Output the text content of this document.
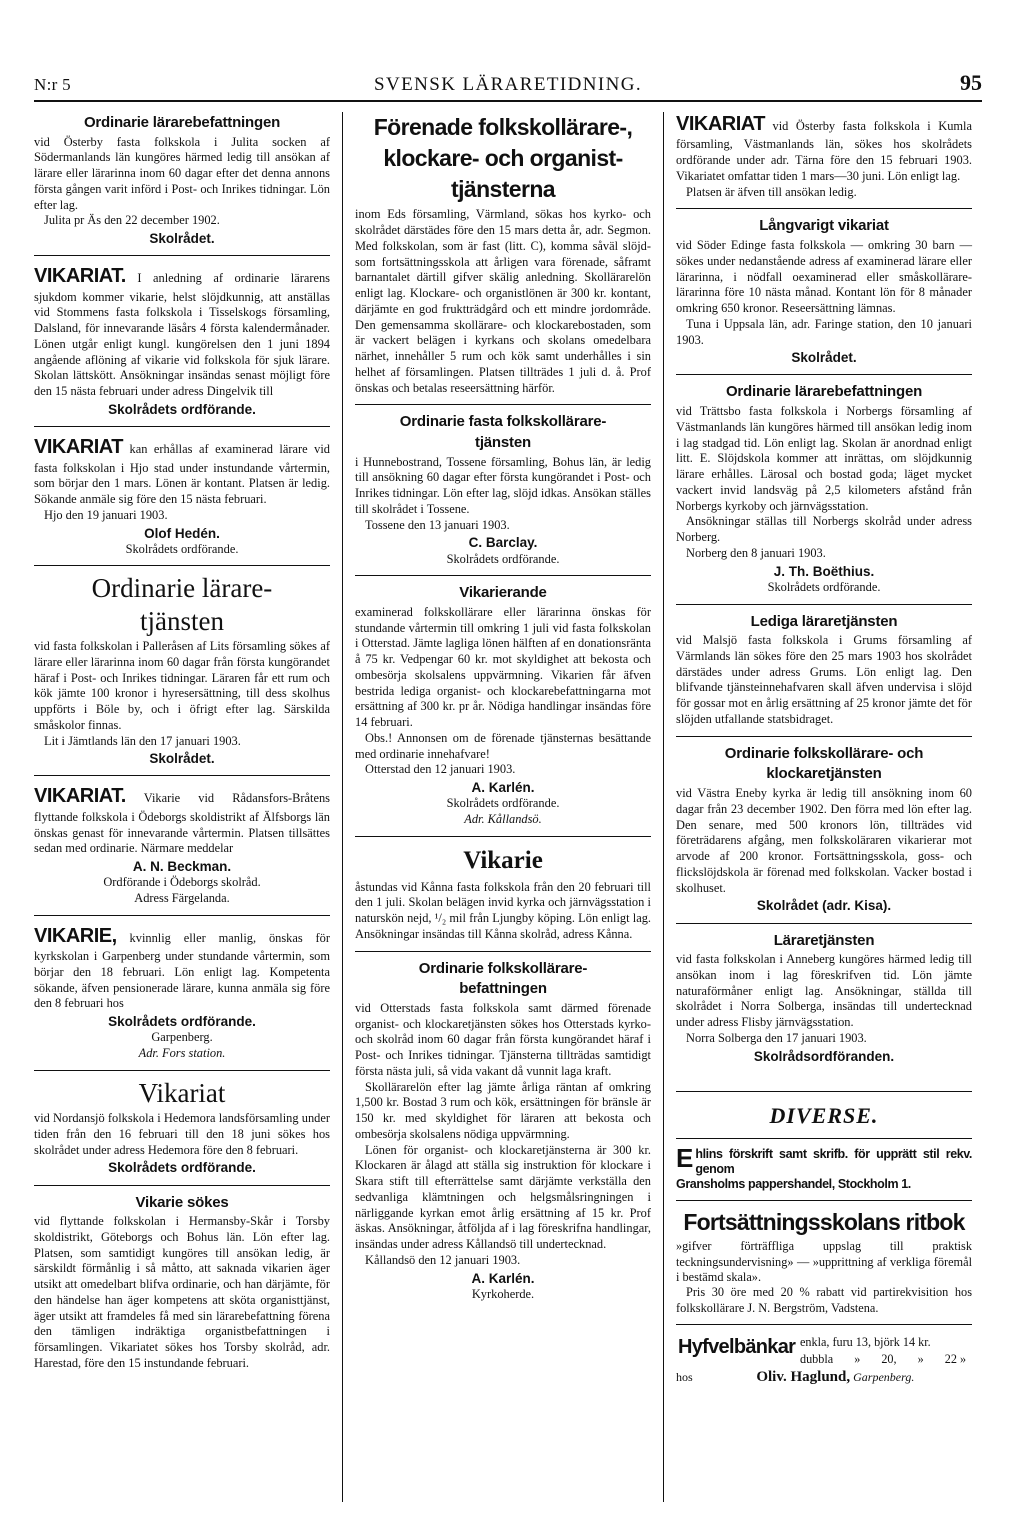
N:r 5	SVENSK LÄRARETIDNING.	95
Ordinarie lärarebefattningen

vid Österby fasta folkskola i Julita socken af Södermanlands län kungöres härmed ledig till ansökan af lärare eller lärarinna inom 60 dagar efter det denna annons första gången varit införd i Post- och Inrikes tidningar. Lön efter lag.

Julita pr Äs den 22 december 1902.

Skolrådet.

VIKARIAT. I anledning af ordinarie lärarens sjukdom kommer vikarie, helst slöjdkunnig, att anställas vid Stommens fasta folkskola i Tisselskogs församling, Dalsland, för innevarande läsårs 4 första kalendermånader. Lönen utgår enligt kungl. kungörelsen den 1 juni 1894 angående aflöning af vikarie vid folkskola för sjuk lärare. Skolan lättskött. Ansökningar insändas senast möjligt före den 15 nästa februari under adress Dingelvik till

Skolrådets ordförande.

VIKARIAT kan erhållas af examinerad lärare vid fasta folkskolan i Hjo stad under instundande vårtermin, som börjar den 1 mars. Lönen är kontant. Platsen är ledig. Sökande anmäle sig före den 15 nästa februari.

Hjo den 19 januari 1903.

Olof Hedén.
Skolrådets ordförande.
Ordinarie lärare-
tjänsten

vid fasta folkskolan i Palleråsen af Lits församling sökes af lärare eller lärarinna inom 60 dagar från första kungörandet häraf i Post- och Inrikes tidningar. Läraren får ett rum och kök jämte 100 kronor i hyresersättning, till dess skolhus uppförts i Böle by, och i öfrigt efter lag. Särskilda småskolor finnas.

Lit i Jämtlands län den 17 januari 1903.

Skolrådet.

VIKARIAT. Vikarie vid Rådansfors-Bråtens flyttande folkskola i Ödeborgs skoldistrikt af Älfsborgs län önskas genast för innevarande vårtermin. Platsen tillsättes sedan med ordinarie. Närmare meddelar

A. N. Beckman.
Ordförande i Ödeborgs skolråd.
Adress Färgelanda.

VIKARIE, kvinnlig eller manlig, önskas för kyrkskolan i Garpenberg under stundande vårtermin, som börjar den 18 februari. Lön enligt lag. Kompetenta sökande, äfven pensionerade lärare, kunna anmäla sig före den 8 februari hos

Skolrådets ordförande.
Garpenberg.
Adr. Fors station.
Vikariat

vid Nordansjö folkskola i Hedemora landsförsamling under tiden från den 16 februari till den 18 juni sökes hos skolrådet under adress Hedemora före den 8 februari.

Skolrådets ordförande.
Vikarie sökes

vid flyttande folkskolan i Hermansby-Skår i Torsby skoldistrikt, Göteborgs och Bohus län. Lön efter lag. Platsen, som samtidigt kungöres till ansökan ledig, är särskildt förmånlig i så måtto, att saknada vikarien äger utsikt att omedelbart blifva ordinarie, och han därjämte, för den händelse han äger kompetens att sköta organisttjänst, äger utsikt att framdeles få med sin lärarebefattning förena den tämligen indräktiga organistbefattningen i församlingen. Vikariatet sökes hos Torsby skolråd, adr. Harestad, före den 15 instundande februari.

Förenade folkskollärare-,
klockare- och organist-
tjänsterna

inom Eds församling, Värmland, sökas hos kyrko- och skolrådet därstädes före den 15 mars detta år, adr. Segmon. Med folkskolan, som är fast (litt. C), komma såväl slöjd- som fortsättningsskola att årligen vara förenade, såframt barnantalet därtill gifver skälig anledning. Skollärarelön enligt lag. Klockare- och organistlönen är 300 kr. kontant, därjämte en god fruktträdgård och ett mindre jordområde. Den gemensamma skollärare- och klockarebostaden, som är vackert belägen i kyrkans och skolans omedelbara närhet, innehåller 5 rum och kök samt underhålles i sin helhet af församlingen. Platsen tillträdes 1 juli d. å. Prof önskas och betalas reseersättning härför.

Ordinarie fasta folkskollärare-
tjänsten

i Hunnebostrand, Tossene församling, Bohus län, är ledig till ansökning 60 dagar efter första kungörandet i Post- och Inrikes tidningar. Lön efter lag, slöjd idkas. Ansökan ställes till skolrådet i Tossene.

Tossene den 13 januari 1903.

C. Barclay.
Skolrådets ordförande.
Vikarierande

examinerad folkskollärare eller lärarinna önskas för stundande vårtermin till omkring 1 juli vid fasta folkskolan i Otterstad. Jämte lagliga lönen hälften af en donationsränta å 75 kr. Vedpengar 60 kr. mot skyldighet att bekosta och ombesörja skolsalens uppvärmning. Vikarien får äfven bestrida lediga organist- och klockarebefattningarna mot ersättning af 300 kr. pr år. Nödiga handlingar insändas före 14 februari.

Obs.! Annonsen om de förenade tjänsternas besättande med ordinarie innehafvare!

Otterstad den 12 januari 1903.

A. Karlén.
Skolrådets ordförande.
Adr. Kållandsö.
Vikarie

åstundas vid Kånna fasta folkskola från den 20 februari till den 1 juli. Skolan belägen invid kyrka och järnvägsstation i naturskön nejd, ¹/₂ mil från Ljungby köping. Lön enligt lag. Ansökningar insändas till Kånna skolråd, adress Kånna.

Ordinarie folkskollärare-
befattningen

vid Otterstads fasta folkskola samt därmed förenade organist- och klockaretjänsten sökes hos Otterstads kyrko- och skolråd inom 60 dagar från första kungörandet häraf i Post- och Inrikes tidningar. Tjänsterna tillträdas samtidigt första nästa juli, så vida vakant då vunnit laga kraft.

Skollärarelön efter lag jämte årliga räntan af omkring 1,500 kr. Bostad 3 rum och kök, ersättningen för bränsle är 150 kr. med skyldighet för läraren att bekosta och ombesörja skolsalens nödiga uppvärmning.

Lönen för organist- och klockaretjänsterna är 300 kr. Klockaren är ålagd att ställa sig instruktion för klockare i Skara stift till efterrättelse samt därjämte verkställa den sedvanliga klämtningen och helgsmålsringningen i närliggande kyrkan emot årlig ersättning af 15 kr. Prof äskas. Ansökningar, åtföljda af i lag föreskrifna handlingar, insändas under adress Kållandsö till undertecknad.

Kållandsö den 12 januari 1903.

A. Karlén.
Kyrkoherde.

VIKARIAT vid Österby fasta folkskola i Kumla församling, Västmanlands län, sökes hos skolrådets ordförande under adr. Tärna före den 15 februari 1903. Vikariatet omfattar tiden 1 mars—30 juni. Lön enligt lag.

Platsen är äfven till ansökan ledig.

Långvarigt vikariat

vid Söder Edinge fasta folkskola — omkring 30 barn — sökes under nedanstående adress af examinerad lärare eller lärarinna, i nödfall oexaminerad eller småskollärare-lärarinna före 10 nästa månad. Kontant lön för 8 månader omkring 650 kronor. Reseersättning lämnas.

Tuna i Uppsala län, adr. Faringe station, den 10 januari 1903.

Skolrådet.
Ordinarie lärarebefattningen

vid Trättsbo fasta folkskola i Norbergs församling af Västmanlands län kungöres härmed till ansökan ledig inom i lag stadgad tid. Lön enligt lag. Skolan är anordnad enligt litt. E. Slöjdskola kommer att inrättas, om slöjdkunnig lärare erhålles. Lärosal och bostad goda; läget mycket vackert invid landsväg på 2,5 kilometers afstånd från Norbergs kyrkoby och järnvägsstation.

Ansökningar ställas till Norbergs skolråd under adress Norberg.

Norberg den 8 januari 1903.

J. Th. Boëthius.
Skolrådets ordförande.
Lediga läraretjänsten

vid Malsjö fasta folkskola i Grums församling af Värmlands län sökes före den 25 mars 1903 hos skolrådet därstädes under adress Grums. Lön enligt lag. Den blifvande tjänsteinnehafvaren skall äfven undervisa i slöjd för gossar mot en årlig ersättning af 25 kronor jämte det för slöjden utfallande statsbidraget.

Ordinarie folkskollärare- och
klockaretjänsten

vid Västra Eneby kyrka är ledig till ansökning inom 60 dagar från 23 december 1902. Den förra med lön efter lag. Den senare, med 500 kronors lön, tillträdes vid företrädarens afgång, men folkskoläraren vikarierar mot arvode af 200 kronor. Fortsättningsskola, goss- och flickslöjdskola är förenad med folkskolan. Vacker bostad i skolhuset.

Skolrådet (adr. Kisa).
Läraretjänsten

vid fasta folkskolan i Anneberg kungöres härmed ledig till ansökan inom i lag föreskrifven tid. Lön jämte naturaförmåner enligt lag. Ansökningar, ställda till skolrådet i Norra Solberga, insändas till undertecknad under adress Flisby järnvägsstation.

Norra Solberga den 17 januari 1903.

Skolrådsordföranden.
DIVERSE.
E hlins förskrift samt skrifb. för upprätt stil rekv. genom
Gransholms pappershandel, Stockholm 1.
Fortsättningsskolans ritbok

»gifver förträffliga uppslag till praktisk teckningsundervisning» — »upprittning af verkliga föremål i bestämd skala».

Pris 30 öre med 20 % rabatt vid partirekvisition hos folkskollärare J. N. Bergström, Vadstena.

Hyfvelbänkar	enkla, furu 13, björk 14 kr.
dubbla » 20, » 22 »
hos	Oliv. Haglund, Garpenberg.
